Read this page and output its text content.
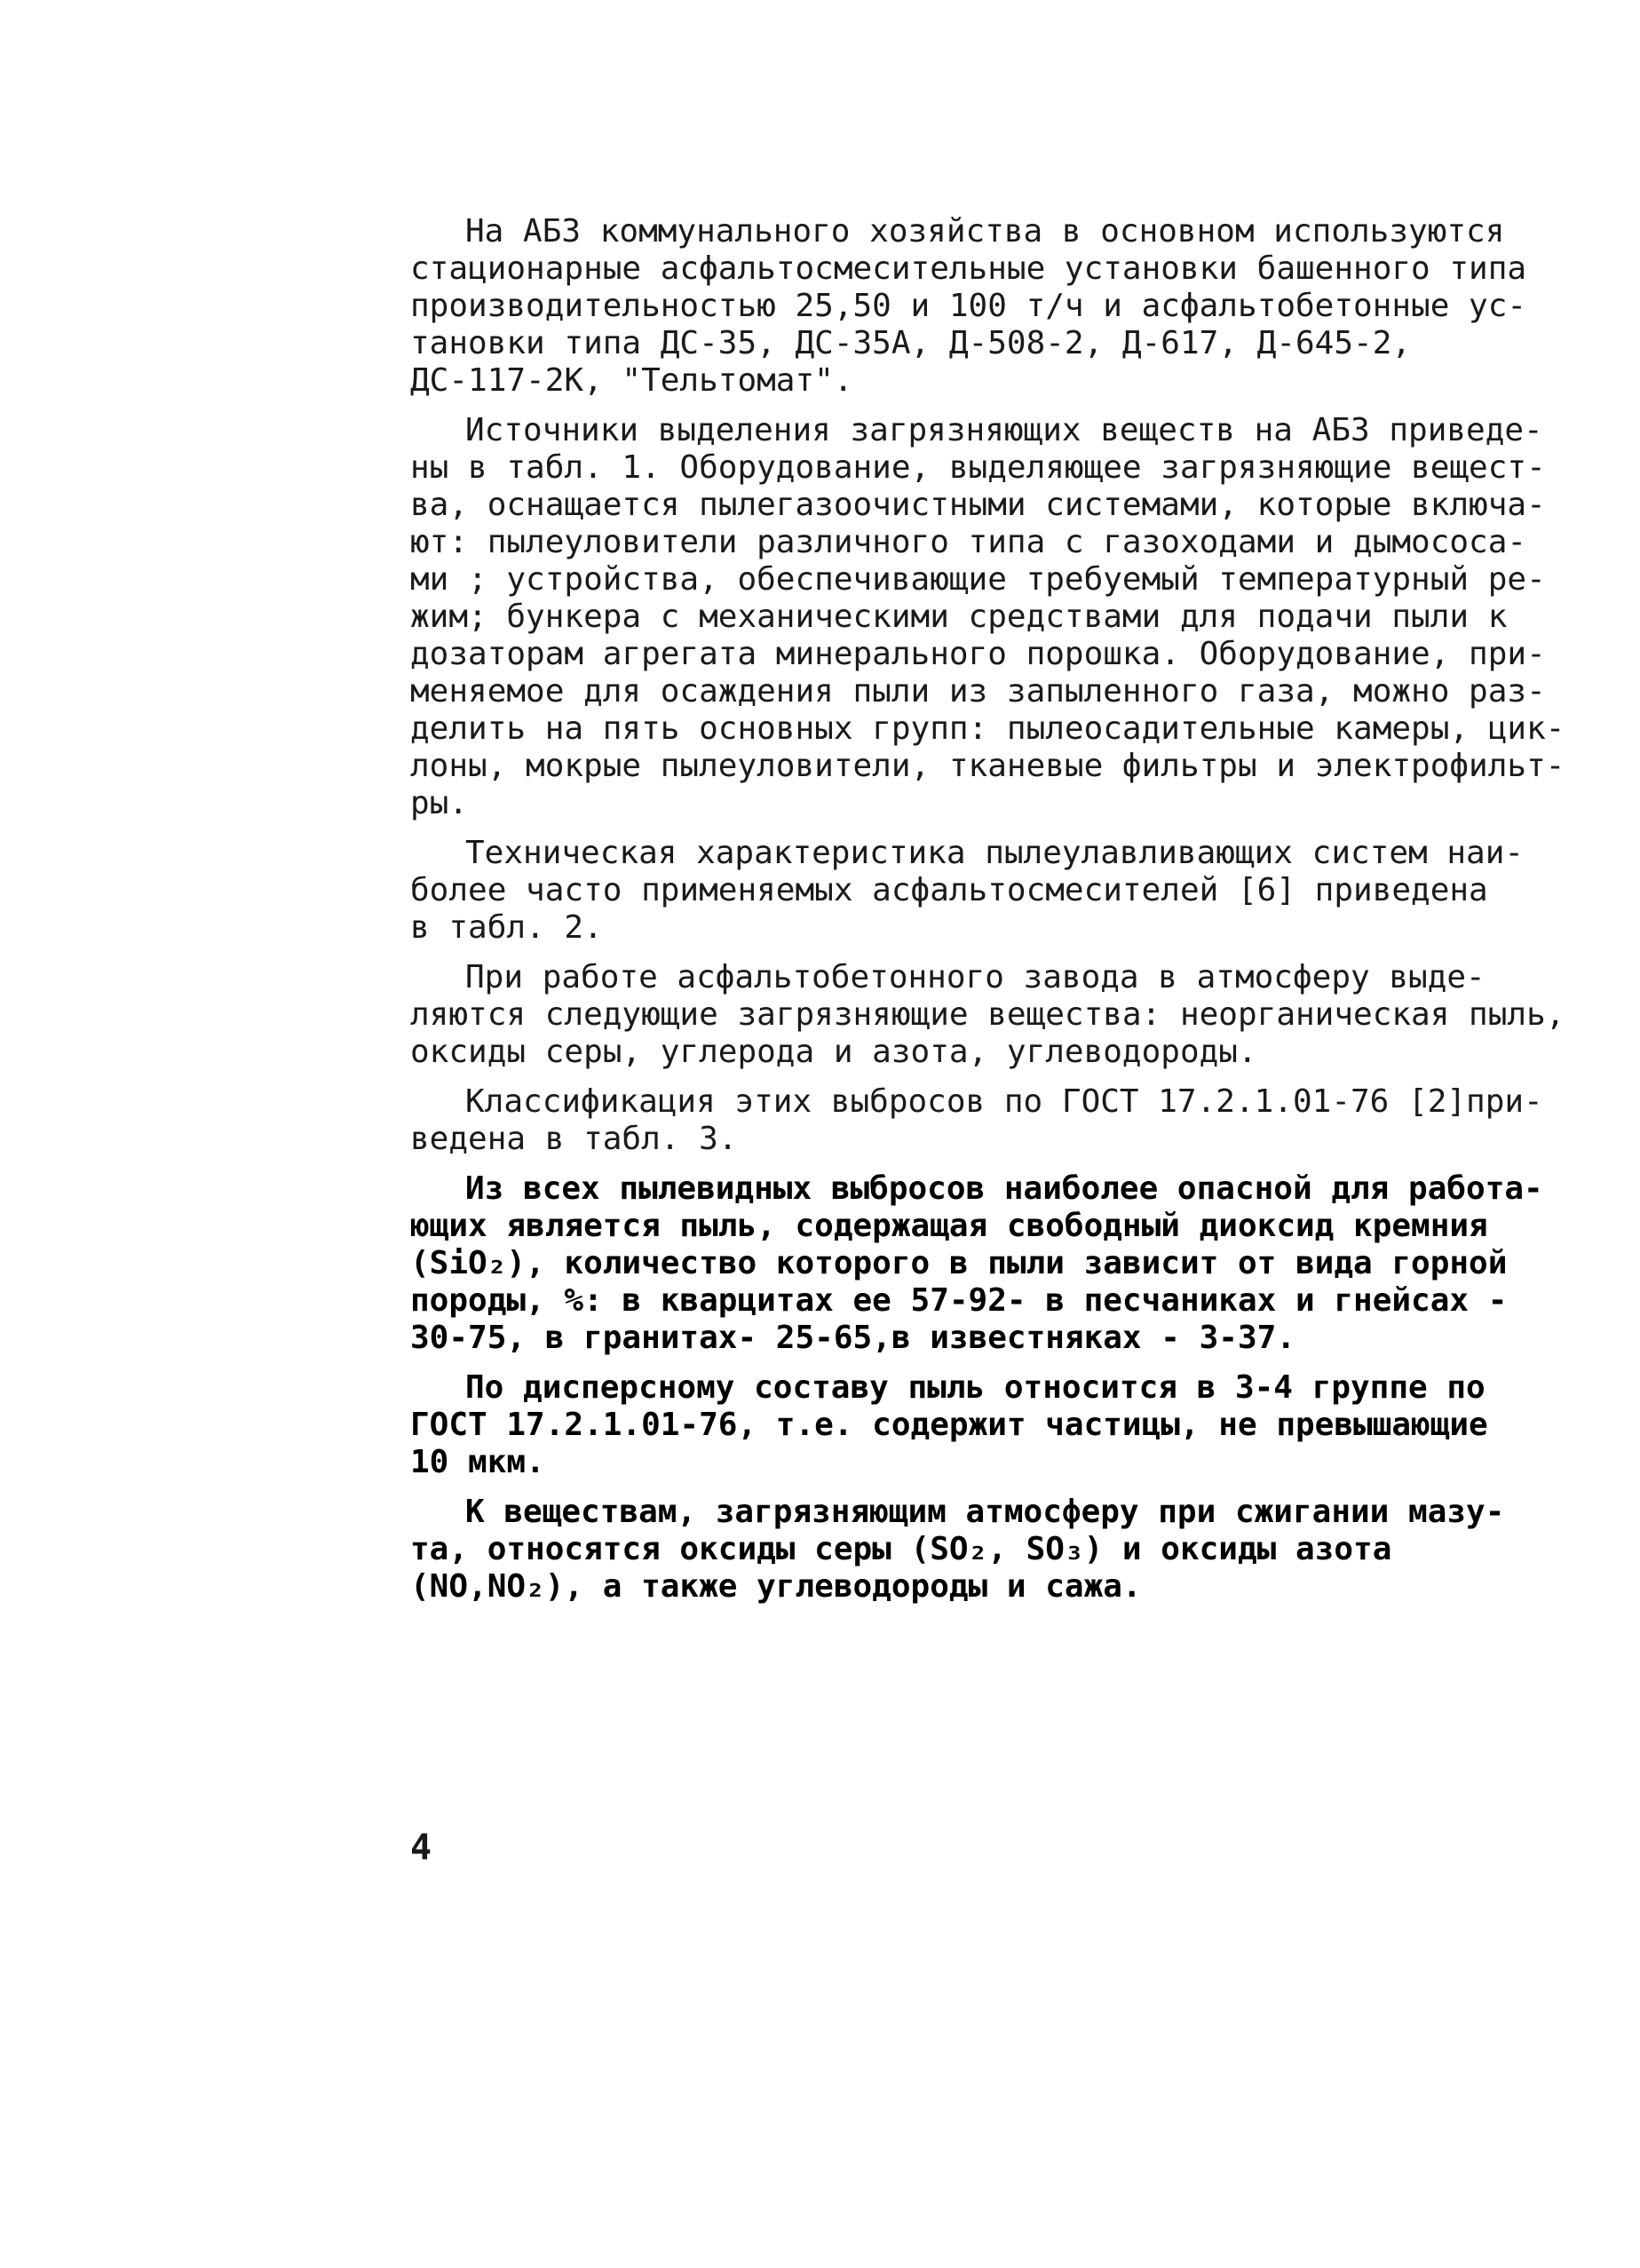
На АБЗ коммунального хозяйства в основном используются
стационарные асфальтосмесительные установки башенного типа
производительностью 25,50 и 100 т/ч и асфальтобетонные ус-
тановки типа ДС-35, ДС-35А, Д-508-2, Д-617, Д-645-2,
ДС-117-2К, "Тельтомат".
Источники выделения загрязняющих веществ на АБЗ приведе-
ны в табл. 1. Оборудование, выделяющее загрязняющие вещест-
ва, оснащается пылегазоочистными системами, которые включа-
ют: пылеуловители различного типа с газоходами и дымососа-
ми ; устройства, обеспечивающие требуемый температурный ре-
жим; бункера с механическими средствами для подачи пыли к
дозаторам агрегата минерального порошка. Оборудование, при-
меняемое для осаждения пыли из запыленного газа, можно раз-
делить на пять основных групп: пылеосадительные камеры, цик-
лоны, мокрые пылеуловители, тканевые фильтры и электрофильт-
ры.
Техническая характеристика пылеулавливающих систем наи-
более часто применяемых асфальтосмесителей [6] приведена
в табл. 2.
При работе асфальтобетонного завода в атмосферу выде-
ляются следующие загрязняющие вещества: неорганическая пыль,
оксиды серы, углерода и азота, углеводороды.
Классификация этих выбросов по ГОСТ 17.2.1.01-76 [2]при-
ведена в табл. 3.
Из всех пылевидных выбросов наиболее опасной для работа-
ющих является пыль, содержащая свободный диоксид кремния
(SiO₂), количество которого в пыли зависит от вида горной
породы, %: в кварцитах ее 57-92- в песчаниках и гнейсах -
30-75, в гранитах- 25-65,в известняках - 3-37.
По дисперсному составу пыль относится в 3-4 группе по
ГОСТ 17.2.1.01-76, т.е. содержит частицы, не превышающие
10 мкм.
К веществам, загрязняющим атмосферу при сжигании мазу-
та, относятся оксиды серы (SO₂, SO₃) и оксиды азота
(NO,NO₂), а также углеводороды и сажа.
4
